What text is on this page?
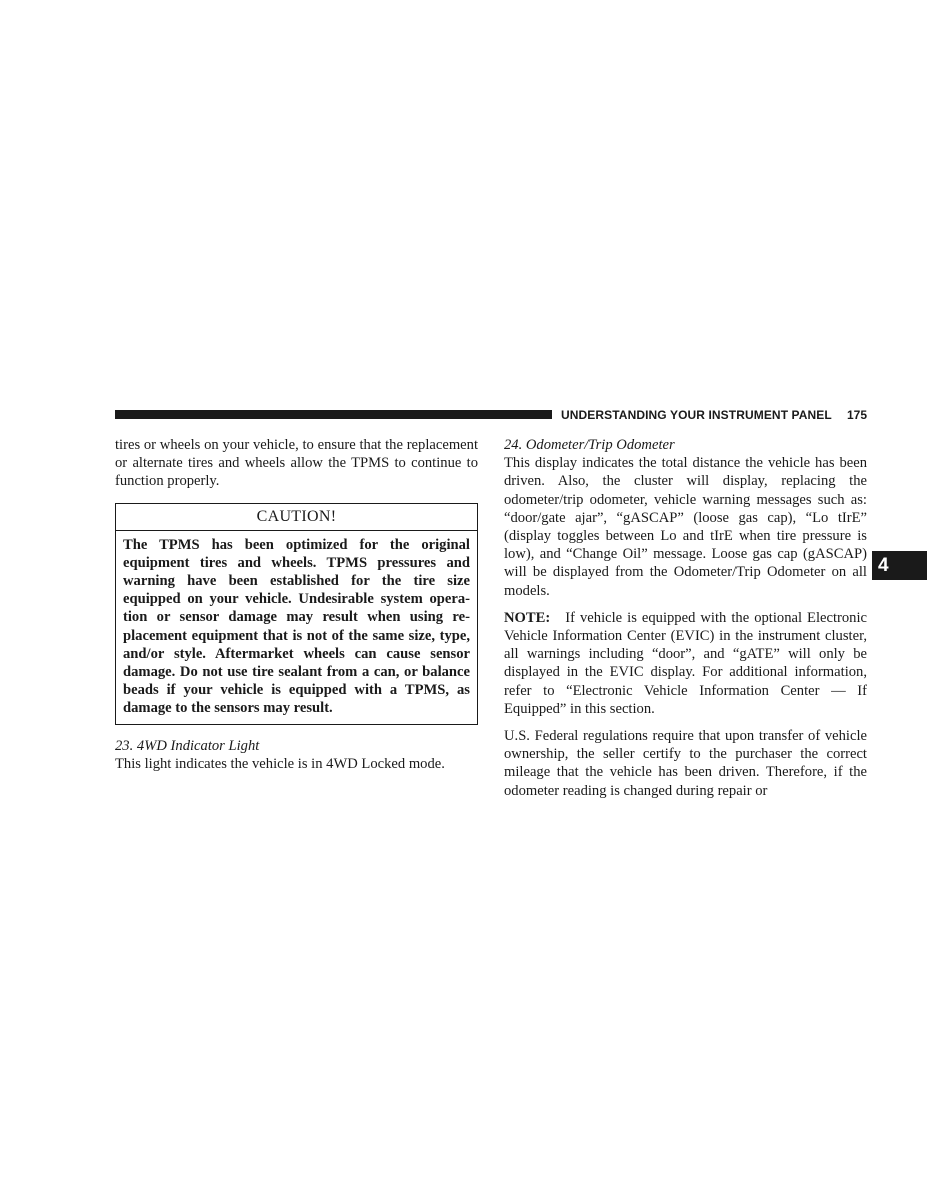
UNDERSTANDING YOUR INSTRUMENT PANEL 175
4

tires or wheels on your vehicle, to ensure that the replacement or alternate tires and wheels allow the TPMS to continue to function properly.

CAUTION!
The TPMS has been optimized for the original equipment tires and wheels. TPMS pressures and warning have been established for the tire size equipped on your vehicle. Undesirable system operation or sensor damage may result when using replacement equipment that is not of the same size, type, and/or style. Aftermarket wheels can cause sensor damage. Do not use tire sealant from a can, or balance beads if your vehicle is equipped with a TPMS, as damage to the sensors may result.

23. 4WD Indicator Light

This light indicates the vehicle is in 4WD Locked mode.

24. Odometer/Trip Odometer

This display indicates the total distance the vehicle has been driven. Also, the cluster will display, replacing the odometer/trip odometer, vehicle warning messages such as: “door/gate ajar”, “gASCAP” (loose gas cap), “Lo tIrE” (display toggles between Lo and tIrE when tire pressure is low), and “Change Oil” message. Loose gas cap (gASCAP) will be displayed from the Odometer/Trip Odometer on all models.

NOTE: If vehicle is equipped with the optional Electronic Vehicle Information Center (EVIC) in the instrument cluster, all warnings including “door”, and “gATE” will only be displayed in the EVIC display. For additional information, refer to “Electronic Vehicle Information Center — If Equipped” in this section.

U.S. Federal regulations require that upon transfer of vehicle ownership, the seller certify to the purchaser the correct mileage that the vehicle has been driven. Therefore, if the odometer reading is changed during repair or
